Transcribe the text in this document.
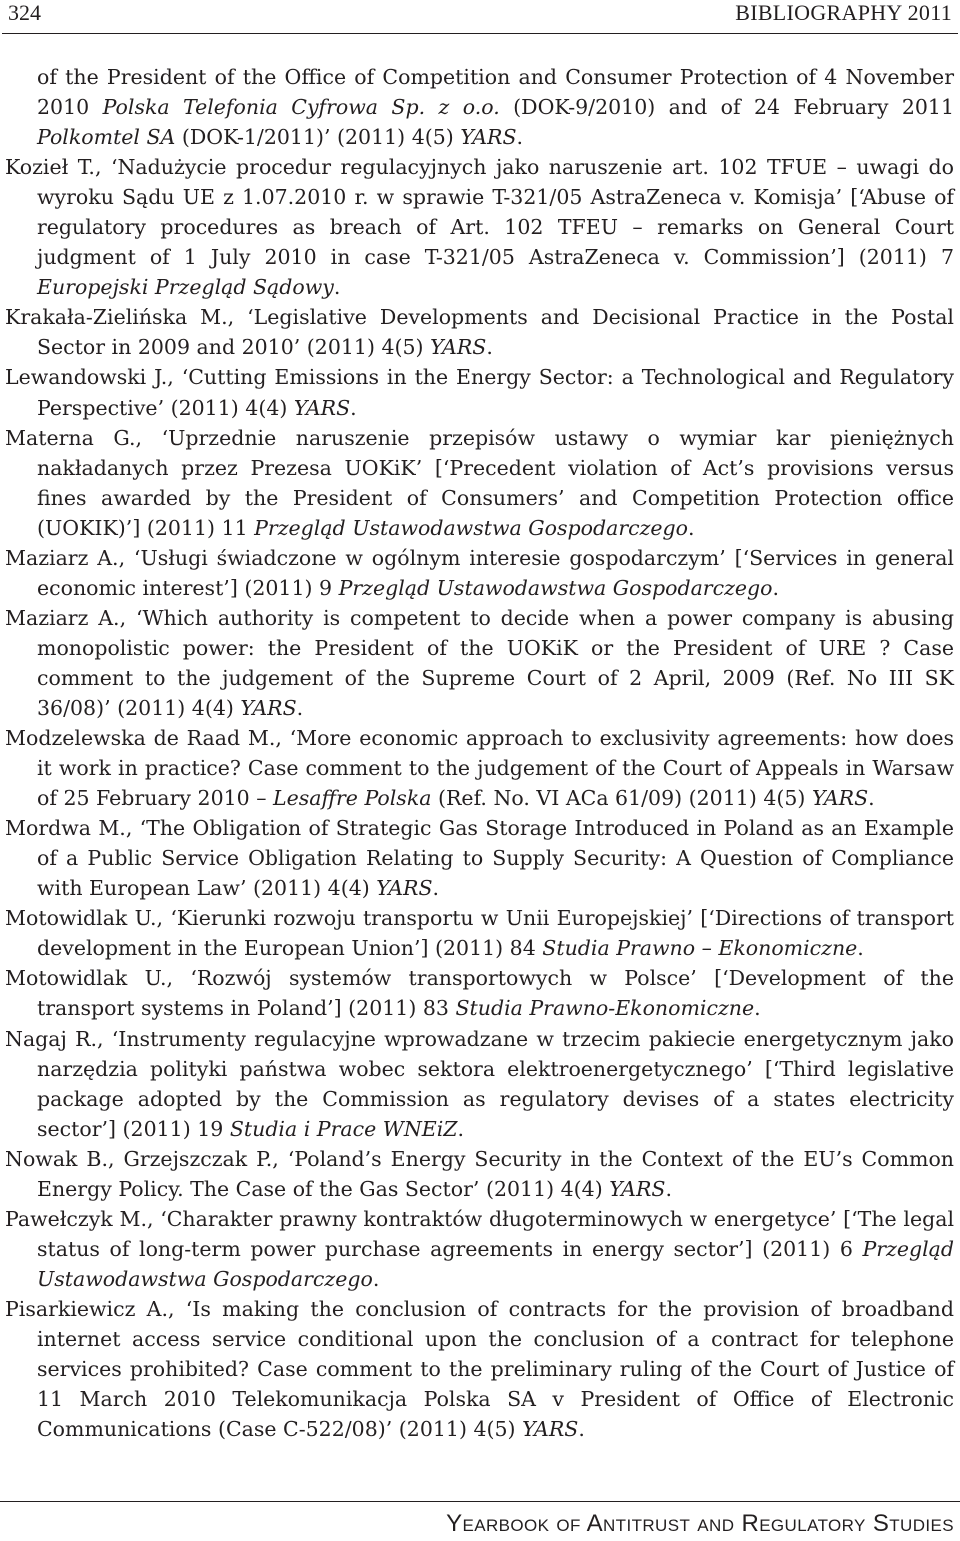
324	BIBLIOGRAPHY 2011

of the President of the Office of Competition and Consumer Protection of 4 November 2010 Polska Telefonia Cyfrowa Sp. z o.o. (DOK-9/2010) and of 24 February 2011 Polkomtel SA (DOK-1/2011)’ (2011) 4(5) YARS.

Kozieł T., ‘Nadużycie procedur regulacyjnych jako naruszenie art. 102 TFUE – uwagi do wyroku Sądu UE z 1.07.2010 r. w sprawie T-321/05 AstraZeneca v. Komisja’ [‘Abuse of regulatory procedures as breach of Art. 102 TFEU – remarks on General Court judgment of 1 July 2010 in case T-321/05 AstraZeneca v. Commission’] (2011) 7 Europejski Przegląd Sądowy.

Krakała-Zielińska M., ‘Legislative Developments and Decisional Practice in the Postal Sector in 2009 and 2010’ (2011) 4(5) YARS.

Lewandowski J., ‘Cutting Emissions in the Energy Sector: a Technological and Regulatory Perspective’ (2011) 4(4) YARS.

Materna G., ‘Uprzednie naruszenie przepisów ustawy o wymiar kar pieniężnych nakładanych przez Prezesa UOKiK’ [‘Precedent violation of Act’s provisions versus fines awarded by the President of Consumers’ and Competition Protection office (UOKIK)’] (2011) 11 Przegląd Ustawodawstwa Gospodarczego.

Maziarz A., ‘Usługi świadczone w ogólnym interesie gospodarczym’ [‘Services in general economic interest’] (2011) 9 Przegląd Ustawodawstwa Gospodarczego.

Maziarz A., ‘Which authority is competent to decide when a power company is abusing monopolistic power: the President of the UOKiK or the President of URE ? Case comment to the judgement of the Supreme Court of 2 April, 2009 (Ref. No III SK 36/08)’ (2011) 4(4) YARS.

Modzelewska de Raad M., ‘More economic approach to exclusivity agreements: how does it work in practice? Case comment to the judgement of the Court of Appeals in Warsaw of 25 February 2010 – Lesaffre Polska (Ref. No. VI ACa 61/09) (2011) 4(5) YARS.

Mordwa M., ‘The Obligation of Strategic Gas Storage Introduced in Poland as an Example of a Public Service Obligation Relating to Supply Security: A Question of Compliance with European Law’ (2011) 4(4) YARS.

Motowidlak U., ‘Kierunki rozwoju transportu w Unii Europejskiej’ [‘Directions of transport development in the European Union’] (2011) 84 Studia Prawno – Ekonomiczne.

Motowidlak U., ‘Rozwój systemów transportowych w Polsce’ [‘Development of the transport systems in Poland’] (2011) 83 Studia Prawno-Ekonomiczne.

Nagaj R., ‘Instrumenty regulacyjne wprowadzane w trzecim pakiecie energetycznym jako narzędzia polityki państwa wobec sektora elektroenergetycznego’ [‘Third legislative package adopted by the Commission as regulatory devises of a states electricity sector’] (2011) 19 Studia i Prace WNEiZ.

Nowak B., Grzejszczak P., ‘Poland’s Energy Security in the Context of the EU’s Common Energy Policy. The Case of the Gas Sector’ (2011) 4(4) YARS.

Pawełczyk M., ‘Charakter prawny kontraktów długoterminowych w energetyce’ [‘The legal status of long-term power purchase agreements in energy sector’] (2011) 6 Przegląd Ustawodawstwa Gospodarczego.

Pisarkiewicz A., ‘Is making the conclusion of contracts for the provision of broadband internet access service conditional upon the conclusion of a contract for telephone services prohibited? Case comment to the preliminary ruling of the Court of Justice of 11 March 2010 Telekomunikacja Polska SA v President of Office of Electronic Communications (Case C-522/08)’ (2011) 4(5) YARS.

Yearbook of Antitrust and Regulatory Studies
